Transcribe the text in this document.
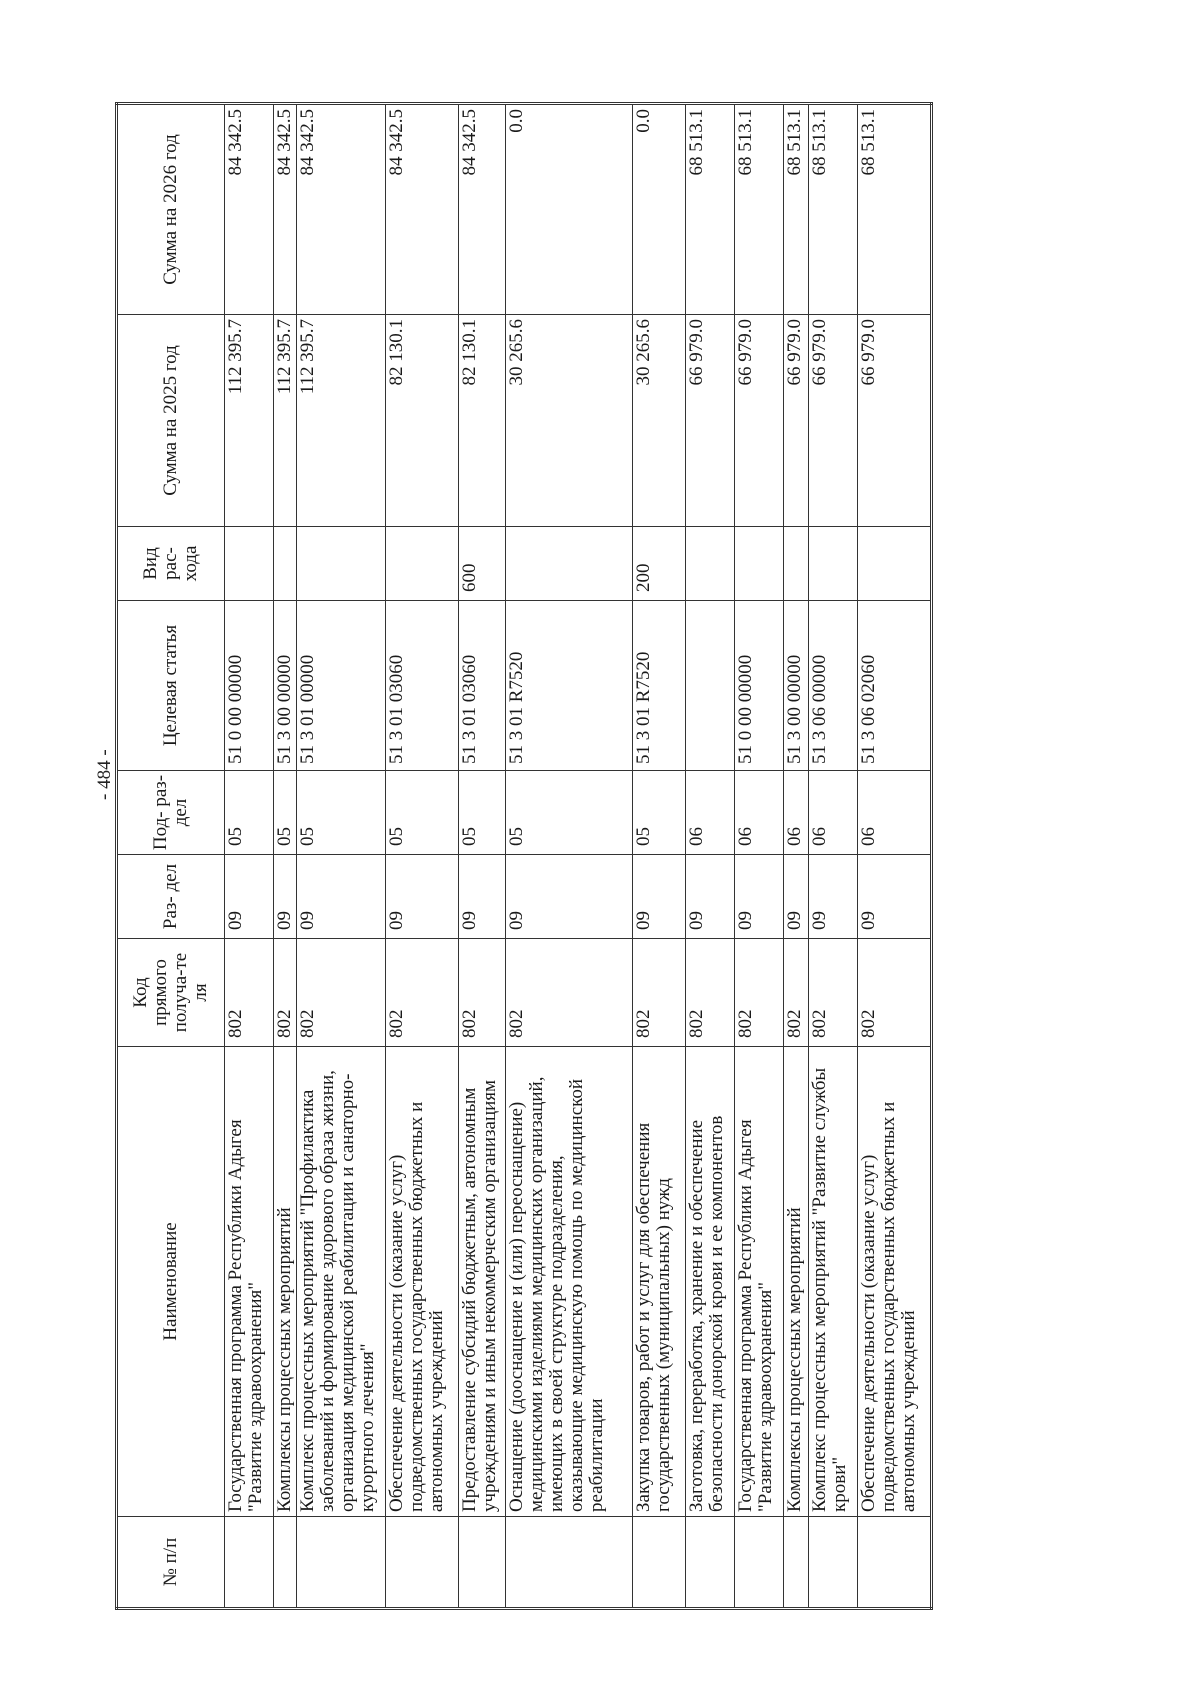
- 484 -
№ п/п	Наименование	Код прямого получа-те ля	Раз- дел	Под- раз- дел	Целевая статья	Вид рас- хода	Сумма на 2025 год	Сумма на 2026 год
	Государственная программа Республики Адыгея "Развитие здравоохранения"	802	09	05	51 0 00 00000		112 395.7	84 342.5
	Комплексы процессных мероприятий	802	09	05	51 3 00 00000		112 395.7	84 342.5
	Комплекс процессных мероприятий "Профилактика заболеваний и формирование здорового образа жизни, организация медицинской реабилитации и санаторно-курортного лечения"	802	09	05	51 3 01 00000		112 395.7	84 342.5
	Обеспечение деятельности (оказание услуг) подведомственных государственных бюджетных и автономных учреждений	802	09	05	51 3 01 03060		82 130.1	84 342.5
	Предоставление субсидий бюджетным, автономным учреждениям и иным некоммерческим организациям	802	09	05	51 3 01 03060	600	82 130.1	84 342.5
	Оснащение (дооснащение и (или) переоснащение) медицинскими изделиями медицинских организаций, имеющих в своей структуре подразделения, оказывающие медицинскую помощь по медицинской реабилитации	802	09	05	51 3 01 R7520		30 265.6	0.0
	Закупка товаров, работ и услуг для обеспечения государственных (муниципальных) нужд	802	09	05	51 3 01 R7520	200	30 265.6	0.0
	Заготовка, переработка, хранение и обеспечение безопасности донорской крови и ее компонентов	802	09	06			66 979.0	68 513.1
	Государственная программа Республики Адыгея "Развитие здравоохранения"	802	09	06	51 0 00 00000		66 979.0	68 513.1
	Комплексы процессных мероприятий	802	09	06	51 3 00 00000		66 979.0	68 513.1
	Комплекс процессных мероприятий "Развитие службы крови"	802	09	06	51 3 06 00000		66 979.0	68 513.1
	Обеспечение деятельности (оказание услуг) подведомственных государственных бюджетных и автономных учреждений	802	09	06	51 3 06 02060		66 979.0	68 513.1
